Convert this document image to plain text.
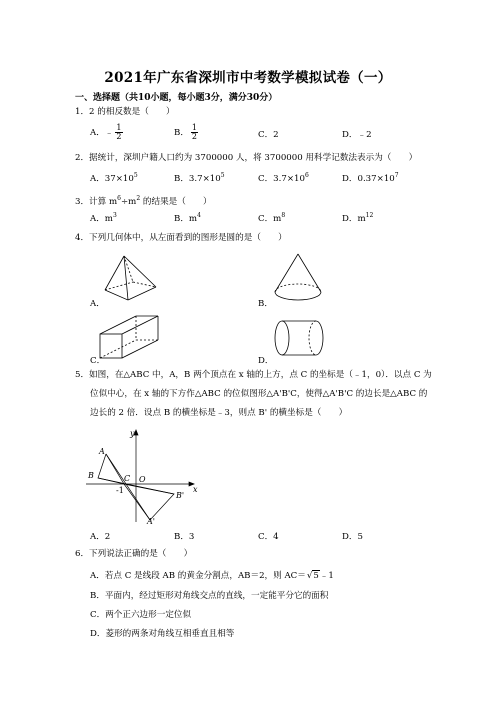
2021年广东省深圳市中考数学模拟试卷（一）
一、选择题（共10小题，每小题3分，满分30分）
1．2 的相反数是（　　）
A．﹣ $\frac{1}{2}$	B． $\frac{1}{2}$	C．2	D．﹣2
2．据统计，深圳户籍人口约为 3700000 人，将 3700000 用科学记数法表示为（　　）
A．$37\times 10^5$	B．$3.7\times 10^5$	C．$3.7\times 10^6$	D．$0.37\times 10^7$
3．计算 $m^6\div m^2$ 的结果是（　　）
A．$m^3$	B．$m^4$	C．$m^8$	D．$m^{12}$
4．下列几何体中，从左面看到的图形是圆的是（　　）
A．	B．
C．	D．
5．如图，在△ABC 中，A，B 两个顶点在 x 轴的上方，点 C 的坐标是（﹣1，0）．以点 C 为
位似中心，在 x 轴的下方作△ABC 的位似图形△A'B'C，使得△A'B'C 的边长是△ABC 的
边长的 2 倍．设点 B 的横坐标是﹣3，则点 B' 的横坐标是（　　）
y
x
A
B	C O
B'
A'
-1
A．2	B．3	C．4	D．5
6．下列说法正确的是（　　）
A．若点 C 是线段 AB 的黄金分割点，AB＝2，则 AC＝√5﹣1
B．平面内，经过矩形对角线交点的直线，一定能平分它的面积
C．两个正六边形一定位似
D．菱形的两条对角线互相垂直且相等
